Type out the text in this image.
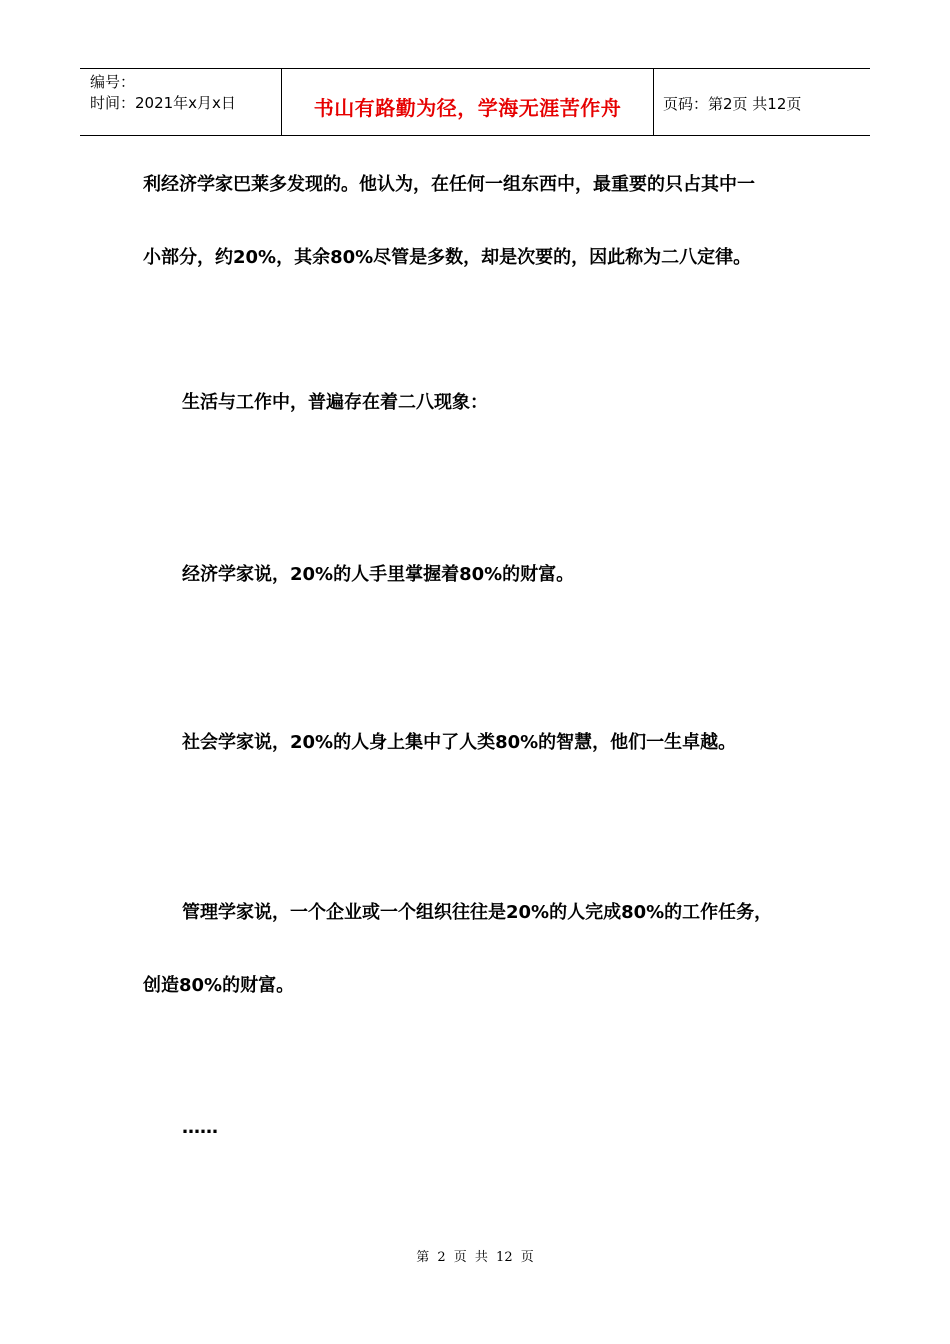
编号：
时间：2021年x月x日	书山有路勤为径，学海无涯苦作舟	页码：第2页 共12页
利经济学家巴莱多发现的。他认为，在任何一组东西中，最重要的只占其中一
小部分，约20%，其余80%尽管是多数，却是次要的，因此称为二八定律。
生活与工作中，普遍存在着二八现象：
经济学家说，20%的人手里掌握着80%的财富。
社会学家说，20%的人身上集中了人类80%的智慧，他们一生卓越。
管理学家说，一个企业或一个组织往往是20%的人完成80%的工作任务，
创造80%的财富。
……
第 2 页 共 12 页
